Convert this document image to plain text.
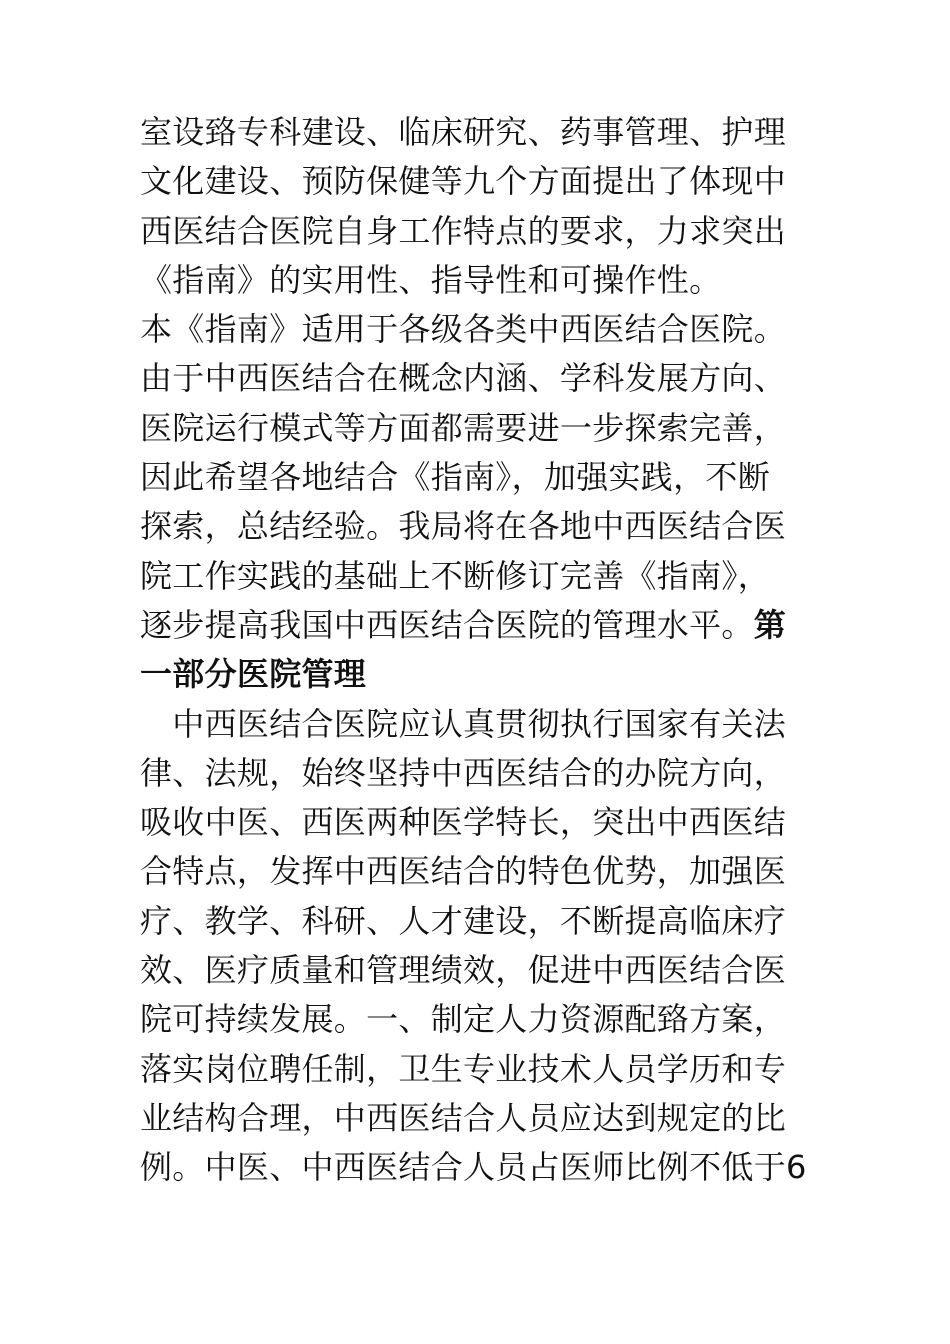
室设臵专科建设、临床研究、药事管理、护理
文化建设、预防保健等九个方面提出了体现中
西医结合医院自身工作特点的要求，力求突出
《指南》的实用性、指导性和可操作性。
本《指南》适用于各级各类中西医结合医院。
由于中西医结合在概念内涵、学科发展方向、
医院运行模式等方面都需要进一步探索完善，
因此希望各地结合《指南》，加强实践，不断
探索，总结经验。我局将在各地中西医结合医
院工作实践的基础上不断修订完善《指南》，
逐步提高我国中西医结合医院的管理水平。第
一部分医院管理
　中西医结合医院应认真贯彻执行国家有关法
律、法规，始终坚持中西医结合的办院方向，
吸收中医、西医两种医学特长，突出中西医结
合特点，发挥中西医结合的特色优势，加强医
疗、教学、科研、人才建设，不断提高临床疗
效、医疗质量和管理绩效，促进中西医结合医
院可持续发展。一、制定人力资源配臵方案，
落实岗位聘任制，卫生专业技术人员学历和专
业结构合理，中西医结合人员应达到规定的比
例。中医、中西医结合人员占医师比例不低于6
